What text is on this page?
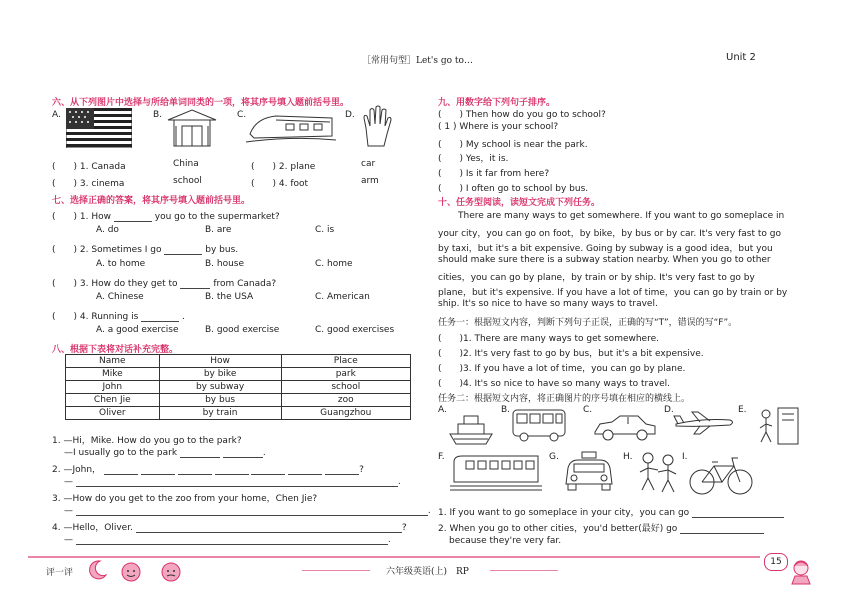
［常用句型］Let's go to…	Unit 2
六、从下列图片中选择与所给单词同类的一项，将其序号填入题前括号里。
A.	B.	C.	D.
(　　) 1. Canada	China	(　　) 2. plane	car
(　　) 3. cinema	school	(　　) 4. foot	arm
七、选择正确的答案，将其序号填入题前括号里。
(　　) 1. How	you go to the supermarket?
A. do	B. are	C. is
(　　) 2. Sometimes I go	by bus.
A. to home	B. house	C. home
(　　) 3. How do they get to	from Canada?
A. Chinese	B. the USA	C. American
(　　) 4. Running is	.
A. a good exercise	B. good exercise	C. good exercises
八、根据下表将对话补充完整。
Name	How	Place
Mike	by bike	park
John	by subway	school
Chen Jie	by bus	zoo
Oliver	by train	Guangzhou
1. —Hi，Mike. How do you go to the park?
—I usually go to the park	.
2. —John，	?
—	.
3. —How do you get to the zoo from your home，Chen Jie?
—	.
4. —Hello，Oliver.	?
—	.
九、用数字给下列句子排序。
(　　) Then how do you go to school?
( 1 ) Where is your school?
(　　) My school is near the park.
(　　) Yes，it is.
(　　) Is it far from here?
(　　) I often go to school by bus.
十、任务型阅读，读短文完成下列任务。
There are many ways to get somewhere. If you want to go someplace in
your city，you can go on foot，by bike，by bus or by car. It's very fast to go
by taxi，but it's a bit expensive. Going by subway is a good idea，but you
should make sure there is a subway station nearby. When you go to other
cities，you can go by plane，by train or by ship. It's very fast to go by
plane，but it's expensive. If you have a lot of time，you can go by train or by
ship. It's so nice to have so many ways to travel.
任务一：根据短文内容，判断下列句子正误，正确的写“T”，错误的写“F”。
(　　)1. There are many ways to get somewhere.
(　　)2. It's very fast to go by bus，but it's a bit expensive.
(　　)3. If you have a lot of time，you can go by plane.
(　　)4. It's so nice to have so many ways to travel.
任务二：根据短文内容，将正确图片的序号填在相应的横线上。
A.	B.	C.	D.	E.
F.	G.	H.	I.
1. If you want to go someplace in your city，you can go
2. When you go to other cities，you'd better(最好) go
because they're very far.
评一评	六年级英语(上)　RP
15
